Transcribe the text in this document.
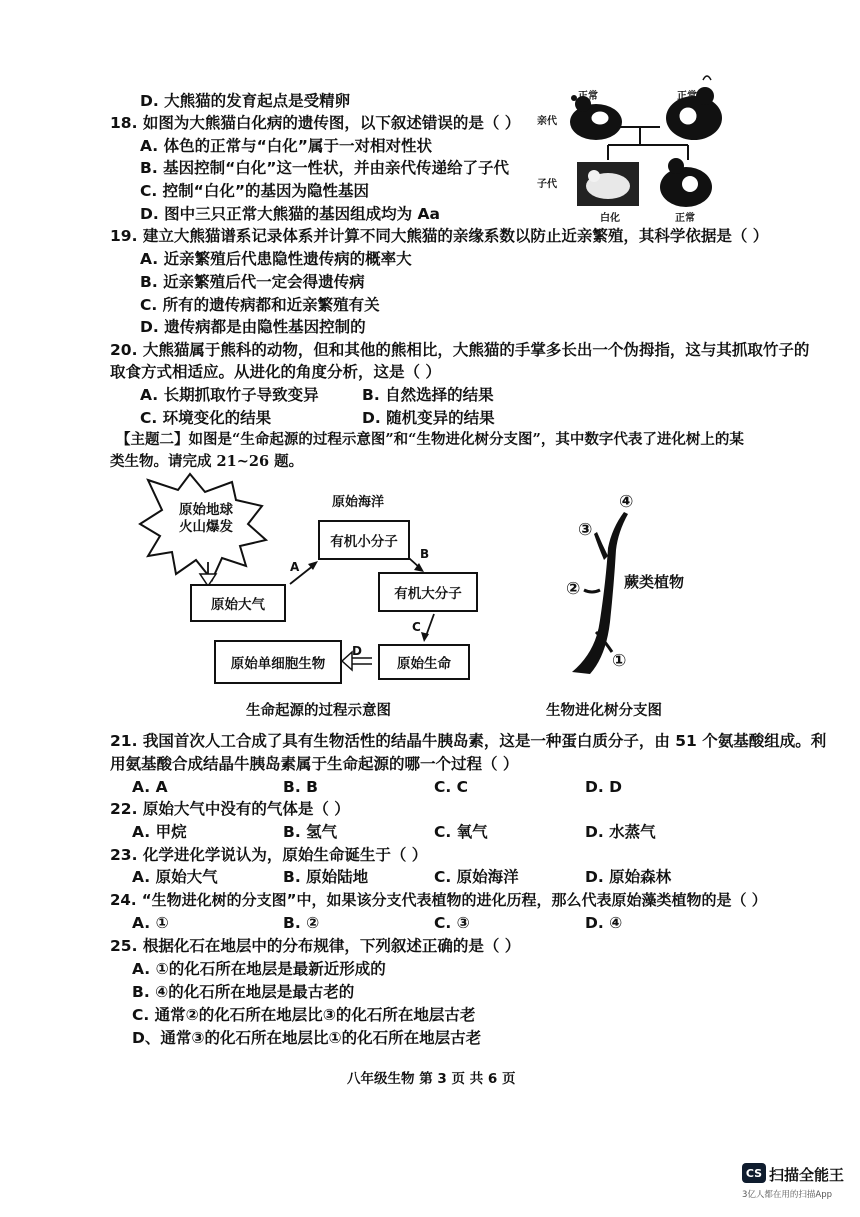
D. 大熊猫的发育起点是受精卵
18. 如图为大熊猫白化病的遗传图，以下叙述错误的是（ ）
A. 体色的正常与“白化”属于一对相对性状
B. 基因控制“白化”这一性状，并由亲代传递给了子代
C. 控制“白化”的基因为隐性基因
D. 图中三只正常大熊猫的基因组成均为 Aa
19. 建立大熊猫谱系记录体系并计算不同大熊猫的亲缘系数以防止近亲繁殖，其科学依据是（ ）
A. 近亲繁殖后代患隐性遗传病的概率大
B. 近亲繁殖后代一定会得遗传病
C. 所有的遗传病都和近亲繁殖有关
D. 遗传病都是由隐性基因控制的
20. 大熊猫属于熊科的动物，但和其他的熊相比，大熊猫的手掌多长出一个伪拇指，这与其抓取竹子的
取食方式相适应。从进化的角度分析，这是（ ）
A. 长期抓取竹子导致变异	B. 自然选择的结果
C. 环境变化的结果	D. 随机变异的结果
【主题二】如图是“生命起源的过程示意图”和“生物进化树分支图”，其中数字代表了进化树上的某
类生物。请完成 21~26 题。
正常	正常
亲代
子代
白化	正常
原始地球
火山爆发
原始海洋
有机小分子
原始大气
有机大分子
原始单细胞生物	原始生命
A
B
C
D
生命起源的过程示意图
④
③
②
①
蕨类植物
生物进化树分支图
21. 我国首次人工合成了具有生物活性的结晶牛胰岛素，这是一种蛋白质分子，由 51 个氨基酸组成。利
用氨基酸合成结晶牛胰岛素属于生命起源的哪一个过程（ ）
A. A	B. B	C. C	D. D
22. 原始大气中没有的气体是（ ）
A. 甲烷	B. 氢气	C. 氧气	D. 水蒸气
23. 化学进化学说认为，原始生命诞生于（ ）
A. 原始大气	B. 原始陆地	C. 原始海洋	D. 原始森林
24. “生物进化树的分支图”中，如果该分支代表植物的进化历程，那么代表原始藻类植物的是（ ）
A. ①	B. ②	C. ③	D. ④
25. 根据化石在地层中的分布规律，下列叙述正确的是（ ）
A. ①的化石所在地层是最新近形成的
B. ④的化石所在地层是最古老的
C. 通常②的化石所在地层比③的化石所在地层古老
D、通常③的化石所在地层比①的化石所在地层古老
八年级生物 第 3 页 共 6 页
CS 扫描全能王
3亿人都在用的扫描App
